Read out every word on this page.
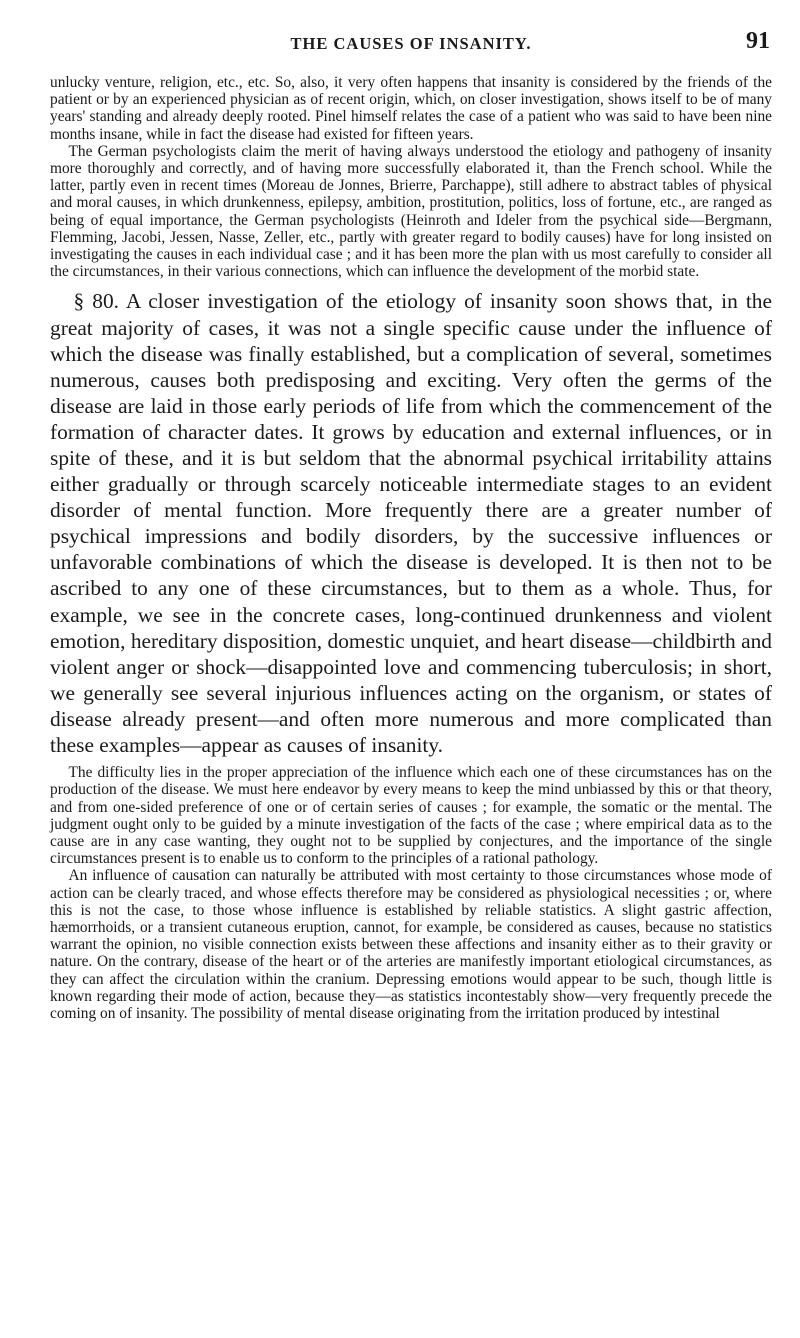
THE CAUSES OF INSANITY.	91

unlucky venture, religion, etc., etc. So, also, it very often happens that insanity is considered by the friends of the patient or by an experienced physician as of recent origin, which, on closer investigation, shows itself to be of many years' standing and already deeply rooted. Pinel himself relates the case of a patient who was said to have been nine months insane, while in fact the disease had existed for fifteen years.

The German psychologists claim the merit of having always understood the etiology and pathogeny of insanity more thoroughly and correctly, and of having more successfully elaborated it, than the French school. While the latter, partly even in recent times (Moreau de Jonnes, Brierre, Parchappe), still adhere to abstract tables of physical and moral causes, in which drunkenness, epilepsy, ambition, prostitution, politics, loss of fortune, etc., are ranged as being of equal importance, the German psychologists (Heinroth and Ideler from the psychical side—Bergmann, Flemming, Jacobi, Jessen, Nasse, Zeller, etc., partly with greater regard to bodily causes) have for long insisted on investigating the causes in each individual case ; and it has been more the plan with us most carefully to consider all the circumstances, in their various connections, which can influence the development of the morbid state.

§ 80. A closer investigation of the etiology of insanity soon shows that, in the great majority of cases, it was not a single specific cause under the influence of which the disease was finally established, but a complication of several, sometimes numerous, causes both predisposing and exciting. Very often the germs of the disease are laid in those early periods of life from which the commencement of the formation of character dates. It grows by education and external influences, or in spite of these, and it is but seldom that the abnormal psychical irritability attains either gradually or through scarcely noticeable intermediate stages to an evident disorder of mental function. More frequently there are a greater number of psychical impressions and bodily disorders, by the successive influences or unfavorable combinations of which the disease is developed. It is then not to be ascribed to any one of these circumstances, but to them as a whole. Thus, for example, we see in the concrete cases, long-continued drunkenness and violent emotion, hereditary disposition, domestic unquiet, and heart disease—childbirth and violent anger or shock—disappointed love and commencing tuberculosis; in short, we generally see several injurious influences acting on the organism, or states of disease already present—and often more numerous and more complicated than these examples—appear as causes of insanity.

The difficulty lies in the proper appreciation of the influence which each one of these circumstances has on the production of the disease. We must here endeavor by every means to keep the mind unbiassed by this or that theory, and from one-sided preference of one or of certain series of causes ; for example, the somatic or the mental. The judgment ought only to be guided by a minute investigation of the facts of the case ; where empirical data as to the cause are in any case wanting, they ought not to be supplied by conjectures, and the importance of the single circumstances present is to enable us to conform to the principles of a rational pathology.

An influence of causation can naturally be attributed with most certainty to those circumstances whose mode of action can be clearly traced, and whose effects therefore may be considered as physiological necessities ; or, where this is not the case, to those whose influence is established by reliable statistics. A slight gastric affection, hæmorrhoids, or a transient cutaneous eruption, cannot, for example, be considered as causes, because no statistics warrant the opinion, no visible connection exists between these affections and insanity either as to their gravity or nature. On the contrary, disease of the heart or of the arteries are manifestly important etiological circumstances, as they can affect the circulation within the cranium. Depressing emotions would appear to be such, though little is known regarding their mode of action, because they—as statistics incontestably show—very frequently precede the coming on of insanity. The possibility of mental disease originating from the irritation produced by intestinal
